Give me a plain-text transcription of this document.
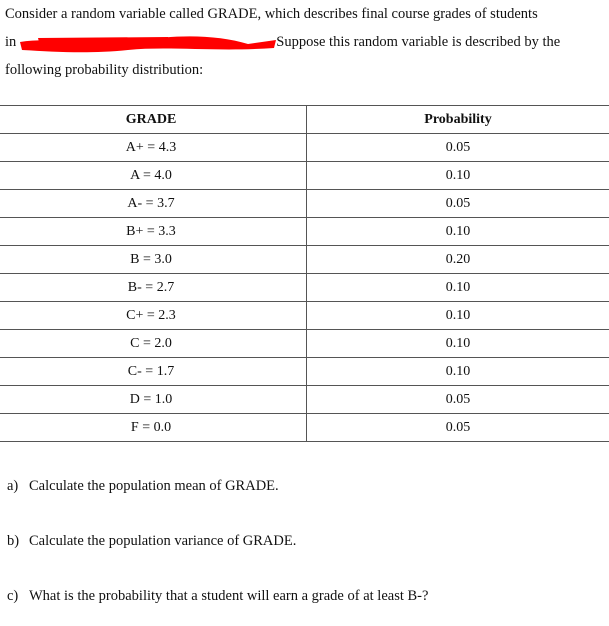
Consider a random variable called GRADE, which describes final course grades of students
in	Suppose this random variable is described by the
following probability distribution:
GRADE	Probability
A+ = 4.3	0.05
A = 4.0	0.10
A- = 3.7	0.05
B+ = 3.3	0.10
B = 3.0	0.20
B- = 2.7	0.10
C+ = 2.3	0.10
C = 2.0	0.10
C- = 1.7	0.10
D = 1.0	0.05
F = 0.0	0.05
a) Calculate the population mean of GRADE.
b) Calculate the population variance of GRADE.
c) What is the probability that a student will earn a grade of at least B-?
